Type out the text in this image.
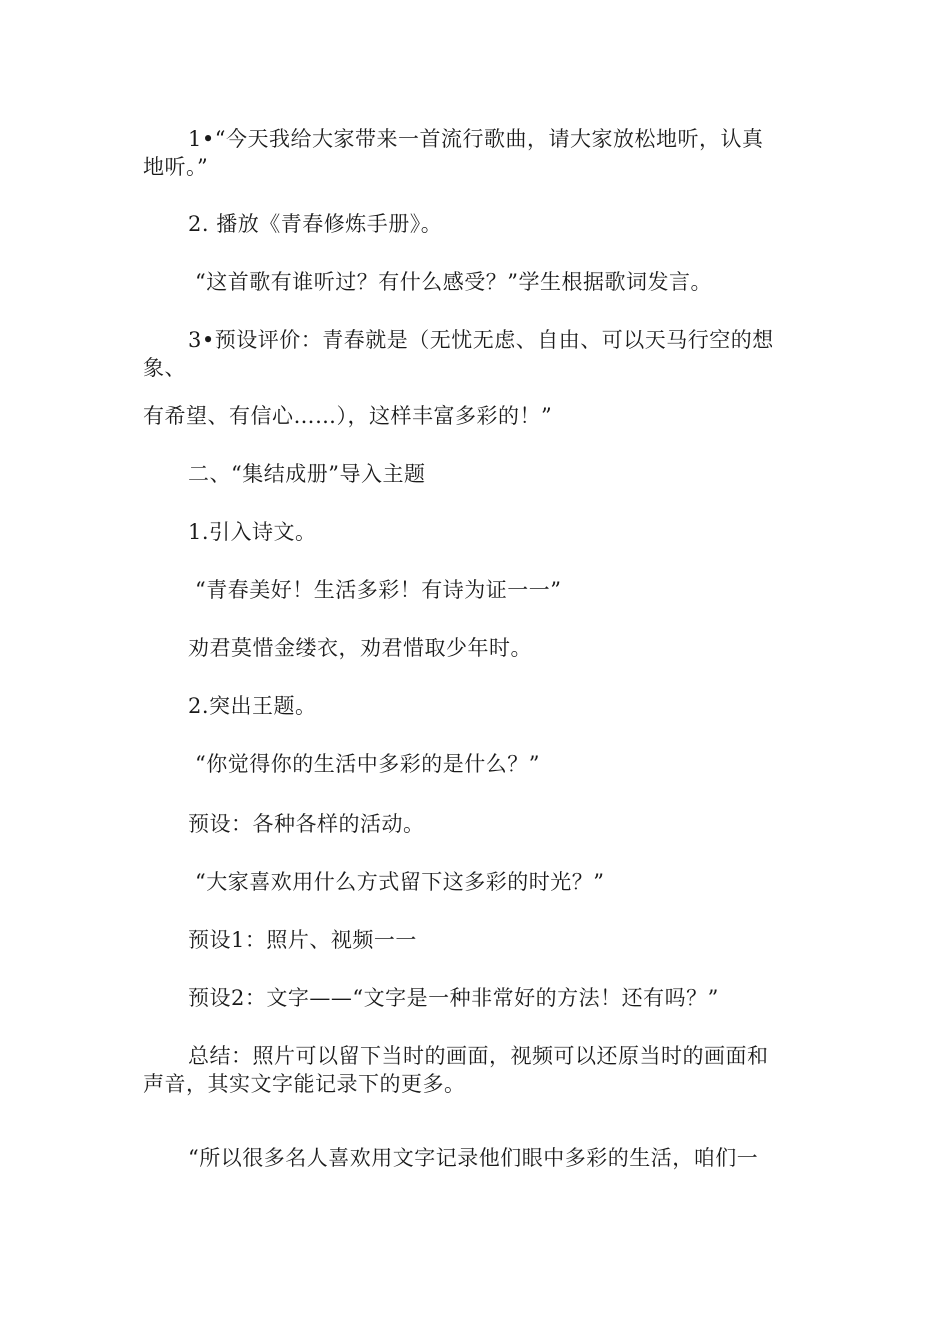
1•“今天我给大家带来一首流行歌曲，请大家放松地听，认真
地听。”
2. 播放《青春修炼手册》。
“这首歌有谁听过？有什么感受？”学生根据歌词发言。
3•预设评价：青春就是（无忧无虑、自由、可以天马行空的想
象、
有希望、有信心……），这样丰富多彩的！”
二、“集结成册”导入主题
1.引入诗文。
“青春美好！生活多彩！有诗为证一一”
劝君莫惜金缕衣，劝君惜取少年时。
2.突出王题。
“你觉得你的生活中多彩的是什么？”
预设：各种各样的活动。
“大家喜欢用什么方式留下这多彩的时光？”
预设1：照片、视频一一
预设2：文字——“文字是一种非常好的方法！还有吗？”
总结：照片可以留下当时的画面，视频可以还原当时的画面和
声音，其实文字能记录下的更多。
“所以很多名人喜欢用文字记录他们眼中多彩的生活，咱们一
